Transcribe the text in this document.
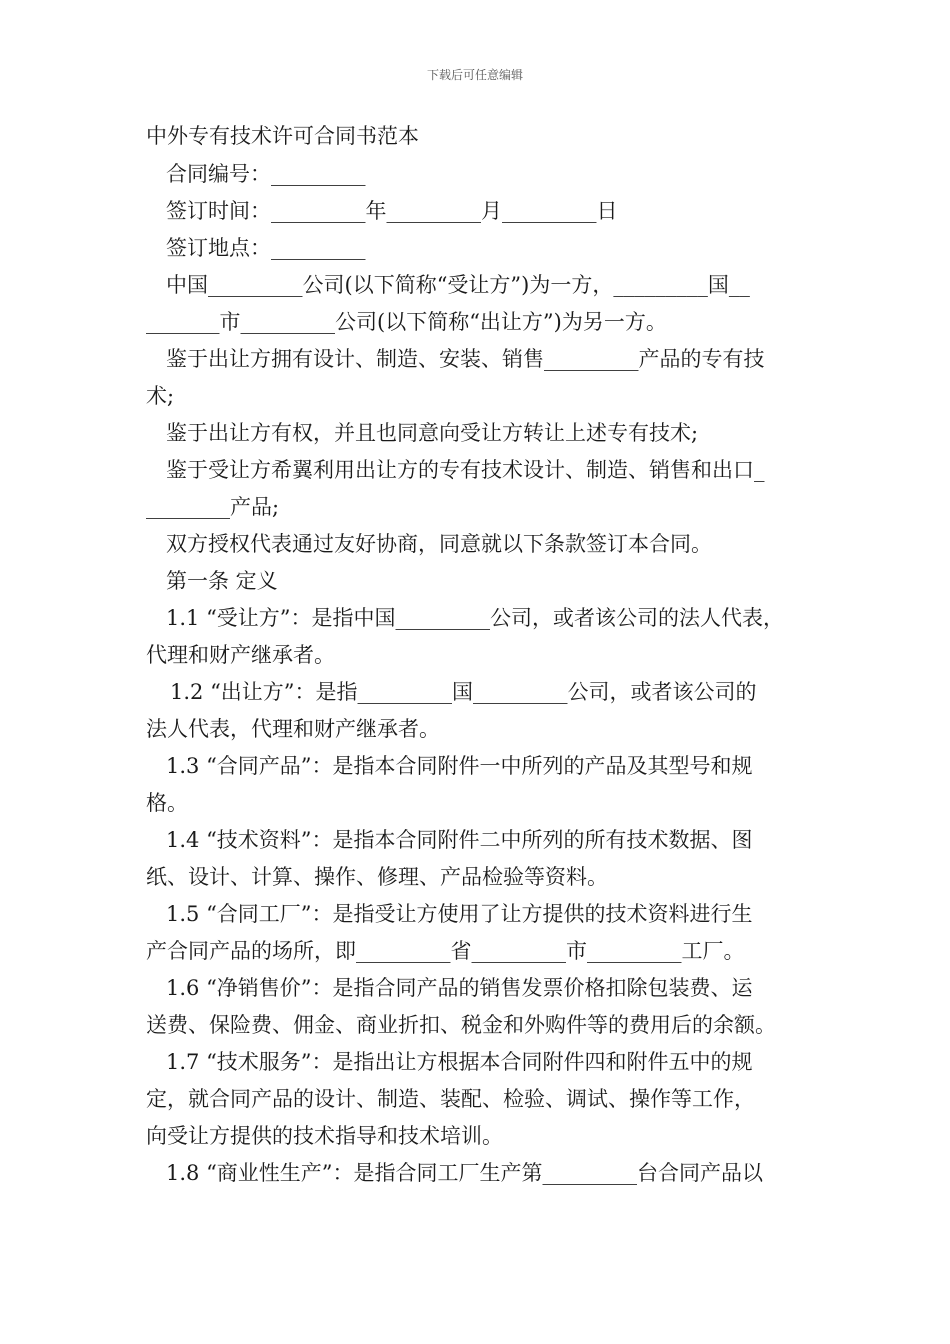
下载后可任意编辑
中外专有技术许可合同书范本
合同编号：_________
签订时间：_________年_________月_________日
签订地点：_________
中国_________公司(以下简称“受让方”)为一方，_________国__
_______市_________公司(以下简称“出让方”)为另一方。
鉴于出让方拥有设计、制造、安装、销售_________产品的专有技
术;
鉴于出让方有权，并且也同意向受让方转让上述专有技术;
鉴于受让方希翼利用出让方的专有技术设计、制造、销售和出口_
________产品;
双方授权代表通过友好协商，同意就以下条款签订本合同。
第一条 定义
1.1 “受让方”：是指中国_________公司，或者该公司的法人代表，
代理和财产继承者。
1.2 “出让方”：是指_________国_________公司，或者该公司的
法人代表，代理和财产继承者。
1.3 “合同产品”：是指本合同附件一中所列的产品及其型号和规
格。
1.4 “技术资料”：是指本合同附件二中所列的所有技术数据、图
纸、设计、计算、操作、修理、产品检验等资料。
1.5 “合同工厂”：是指受让方使用了让方提供的技术资料进行生
产合同产品的场所，即_________省_________市_________工厂。
1.6 “净销售价”：是指合同产品的销售发票价格扣除包装费、运
送费、保险费、佣金、商业折扣、税金和外购件等的费用后的余额。
1.7 “技术服务”：是指出让方根据本合同附件四和附件五中的规
定，就合同产品的设计、制造、装配、检验、调试、操作等工作，
向受让方提供的技术指导和技术培训。
1.8 “商业性生产”：是指合同工厂生产第_________台合同产品以
